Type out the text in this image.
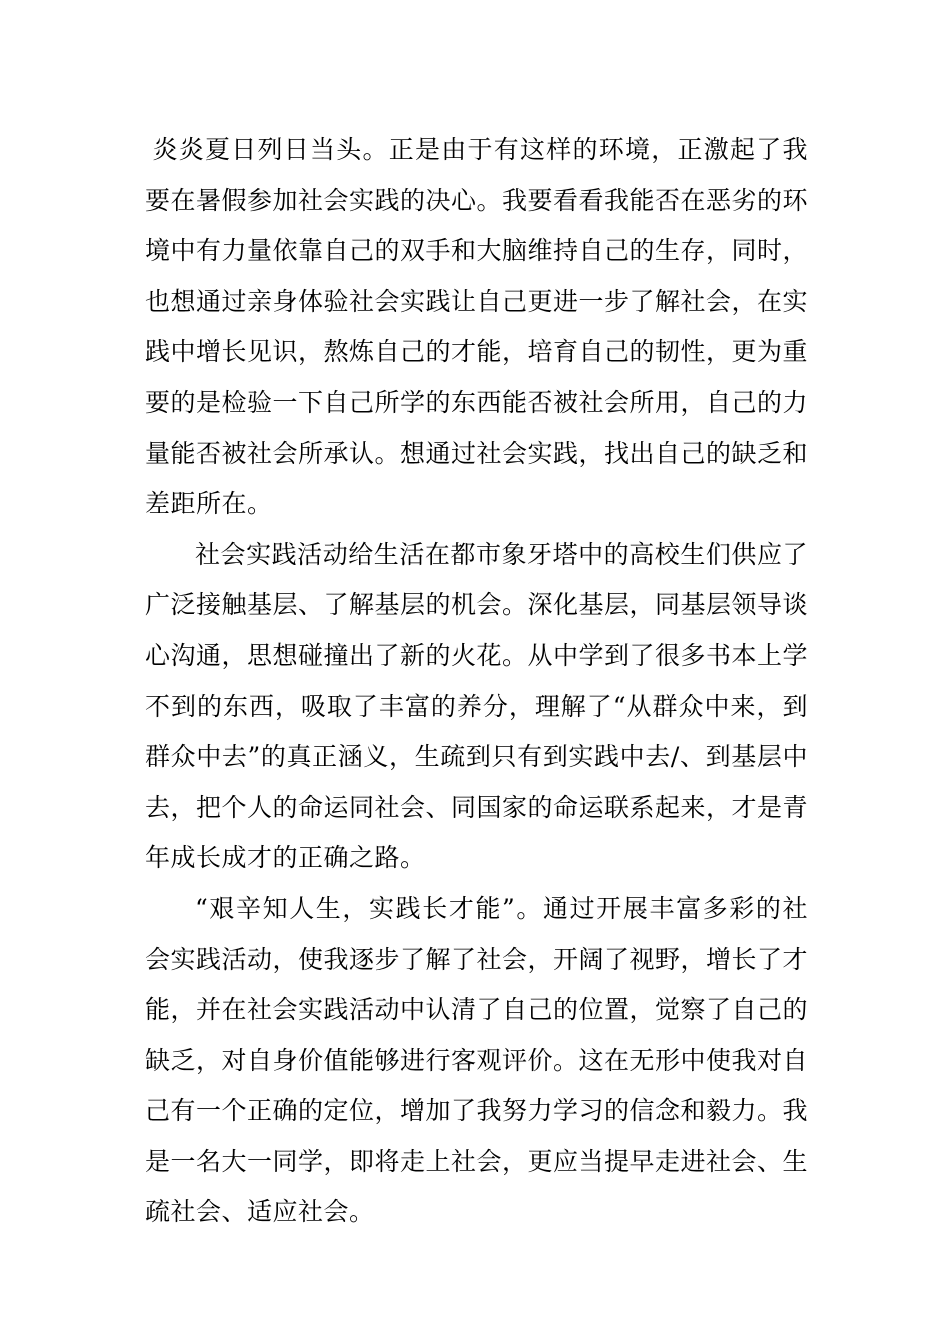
炎炎夏日列日当头。正是由于有这样的环境，正激起了我要在暑假参加社会实践的决心。我要看看我能否在恶劣的环境中有力量依靠自己的双手和大脑维持自己的生存，同时，也想通过亲身体验社会实践让自己更进一步了解社会，在实践中增长见识，熬炼自己的才能，培育自己的韧性，更为重要的是检验一下自己所学的东西能否被社会所用，自己的力量能否被社会所承认。想通过社会实践，找出自己的缺乏和差距所在。

社会实践活动给生活在都市象牙塔中的高校生们供应了广泛接触基层、了解基层的机会。深化基层，同基层领导谈心沟通，思想碰撞出了新的火花。从中学到了很多书本上学不到的东西，吸取了丰富的养分，理解了“从群众中来，到群众中去”的真正涵义，生疏到只有到实践中去/、到基层中去，把个人的命运同社会、同国家的命运联系起来，才是青年成长成才的正确之路。

“艰辛知人生，实践长才能”。通过开展丰富多彩的社会实践活动，使我逐步了解了社会，开阔了视野，增长了才能，并在社会实践活动中认清了自己的位置，觉察了自己的缺乏，对自身价值能够进行客观评价。这在无形中使我对自己有一个正确的定位，增加了我努力学习的信念和毅力。我是一名大一同学，即将走上社会，更应当提早走进社会、生疏社会、适应社会。
